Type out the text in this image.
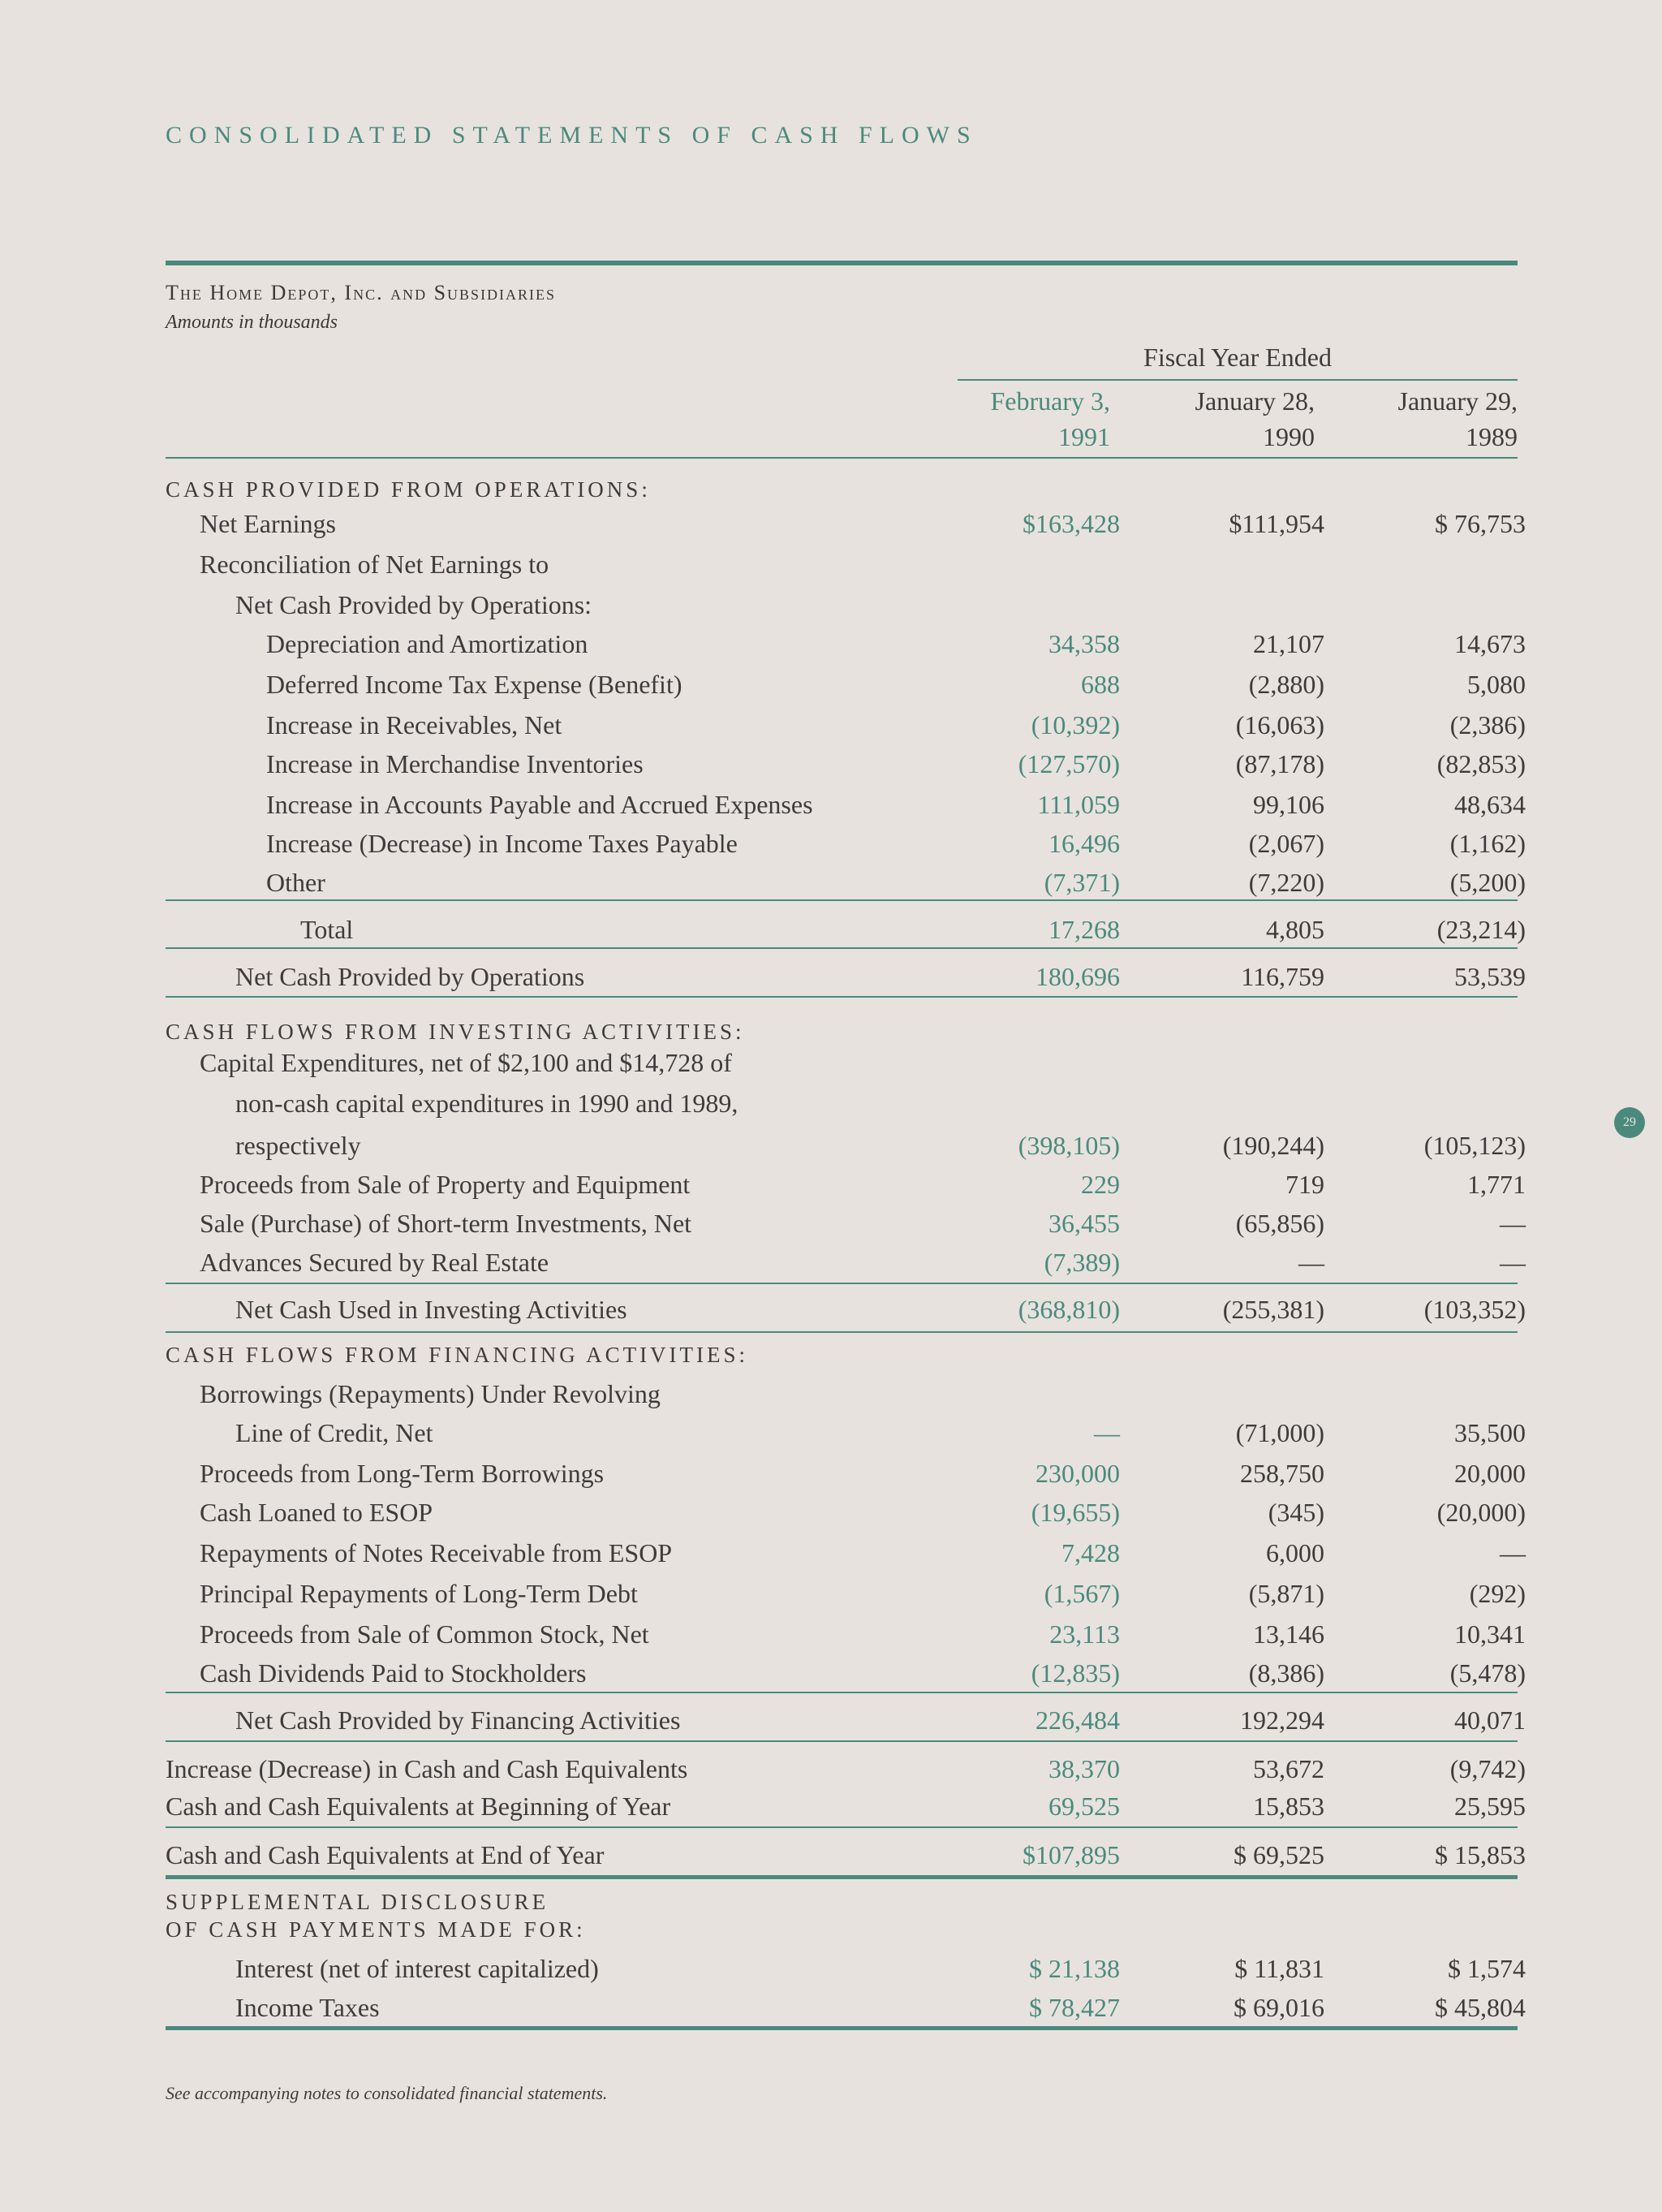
CONSOLIDATED STATEMENTS OF CASH FLOWS
The Home Depot, Inc. and Subsidiaries
Amounts in thousands
Fiscal Year Ended
February 3,
1991
January 28,
1990
January 29,
1989
CASH PROVIDED FROM OPERATIONS:
Net Earnings	$163,428	$111,954	$ 76,753
Reconciliation of Net Earnings to
Net Cash Provided by Operations:
Depreciation and Amortization	34,358	21,107	14,673
Deferred Income Tax Expense (Benefit)	688	(2,880)	5,080
Increase in Receivables, Net	(10,392)	(16,063)	(2,386)
Increase in Merchandise Inventories	(127,570)	(87,178)	(82,853)
Increase in Accounts Payable and Accrued Expenses	111,059	99,106	48,634
Increase (Decrease) in Income Taxes Payable	16,496	(2,067)	(1,162)
Other	(7,371)	(7,220)	(5,200)
Total	17,268	4,805	(23,214)
Net Cash Provided by Operations	180,696	116,759	53,539
CASH FLOWS FROM INVESTING ACTIVITIES:
Capital Expenditures, net of $2,100 and $14,728 of
non-cash capital expenditures in 1990 and 1989,
respectively	(398,105)	(190,244)	(105,123)
Proceeds from Sale of Property and Equipment	229	719	1,771
Sale (Purchase) of Short-term Investments, Net	36,455	(65,856)	—
Advances Secured by Real Estate	(7,389)	—	—
Net Cash Used in Investing Activities	(368,810)	(255,381)	(103,352)
CASH FLOWS FROM FINANCING ACTIVITIES:
Borrowings (Repayments) Under Revolving
Line of Credit, Net	—	(71,000)	35,500
Proceeds from Long-Term Borrowings	230,000	258,750	20,000
Cash Loaned to ESOP	(19,655)	(345)	(20,000)
Repayments of Notes Receivable from ESOP	7,428	6,000	—
Principal Repayments of Long-Term Debt	(1,567)	(5,871)	(292)
Proceeds from Sale of Common Stock, Net	23,113	13,146	10,341
Cash Dividends Paid to Stockholders	(12,835)	(8,386)	(5,478)
Net Cash Provided by Financing Activities	226,484	192,294	40,071
Increase (Decrease) in Cash and Cash Equivalents	38,370	53,672	(9,742)
Cash and Cash Equivalents at Beginning of Year	69,525	15,853	25,595
Cash and Cash Equivalents at End of Year	$107,895	$ 69,525	$ 15,853
SUPPLEMENTAL DISCLOSURE
OF CASH PAYMENTS MADE FOR:
Interest (net of interest capitalized)	$ 21,138	$ 11,831	$ 1,574
Income Taxes	$ 78,427	$ 69,016	$ 45,804
29
See accompanying notes to consolidated financial statements.
